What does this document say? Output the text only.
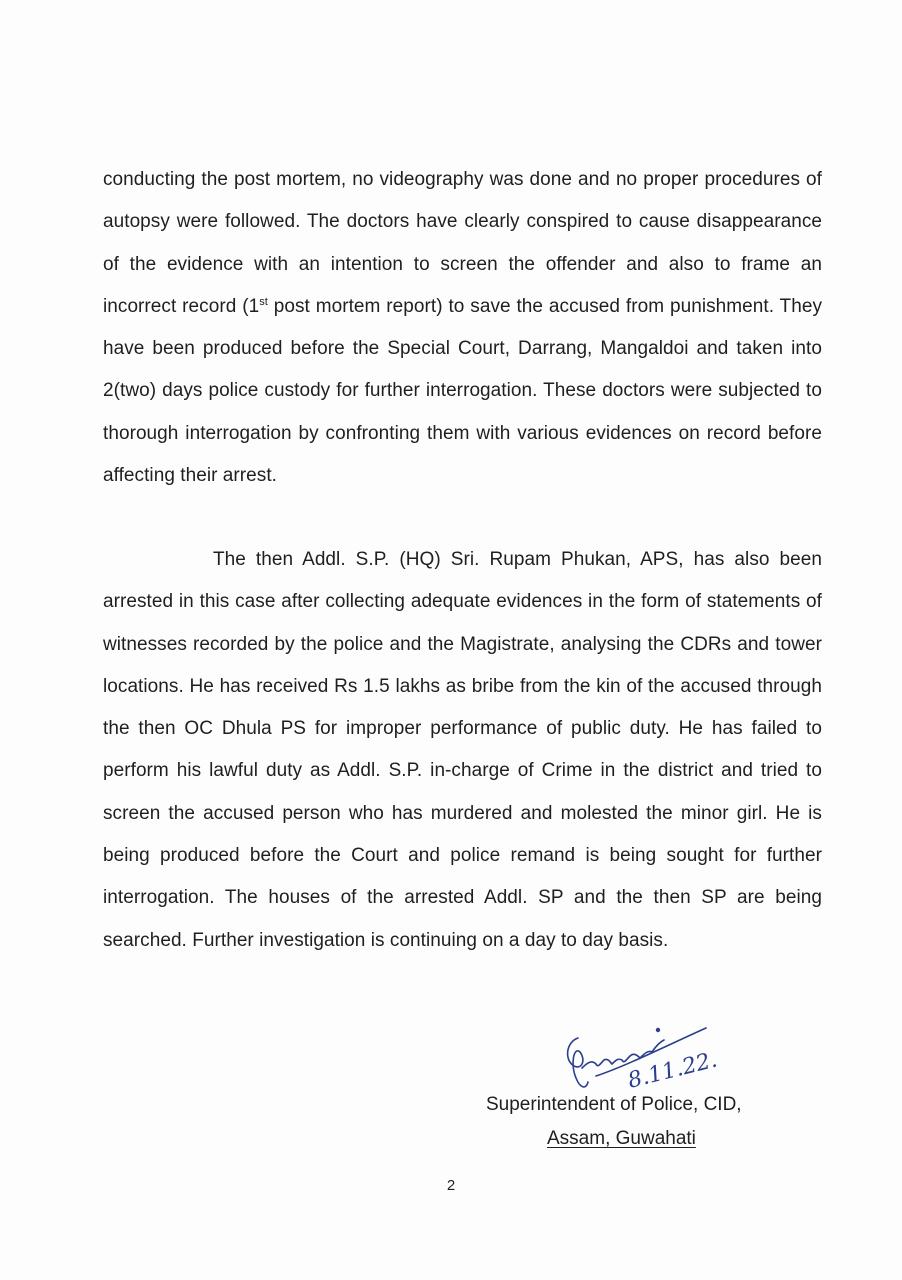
conducting the post mortem, no videography was done and no proper procedures of autopsy were followed. The doctors have clearly conspired to cause disappearance of the evidence with an intention to screen the offender and also to frame an incorrect record (1st post mortem report) to save the accused from punishment. They have been produced before the Special Court, Darrang, Mangaldoi and taken into 2(two) days police custody for further interrogation. These doctors were subjected to thorough interrogation by confronting them with various evidences on record before affecting their arrest.

The then Addl. S.P. (HQ) Sri. Rupam Phukan, APS, has also been arrested in this case after collecting adequate evidences in the form of statements of witnesses recorded by the police and the Magistrate, analysing the CDRs and tower locations. He has received Rs 1.5 lakhs as bribe from the kin of the accused through the then OC Dhula PS for improper performance of public duty. He has failed to perform his lawful duty as Addl. S.P. in-charge of Crime in the district and tried to screen the accused person who has murdered and molested the minor girl. He is being produced before the Court and police remand is being sought for further interrogation. The houses of the arrested Addl. SP and the then SP are being searched. Further investigation is continuing on a day to day basis.

8.11.22.
Superintendent of Police, CID,
Assam, Guwahati
2
